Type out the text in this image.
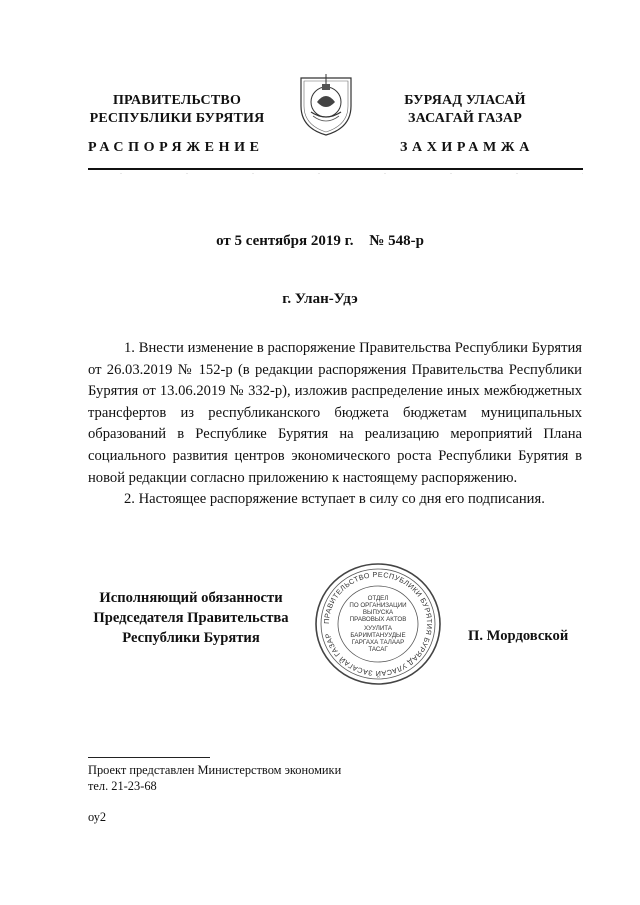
ПРАВИТЕЛЬСТВО
РЕСПУБЛИКИ БУРЯТИЯ
БУРЯАД УЛАСАЙ
ЗАСАГАЙ ГАЗАР
РАСПОРЯЖЕНИЕ	ЗАХИРАМЖА
от 5 сентября 2019 г. № 548-р
г. Улан-Удэ

1. Внести изменение в распоряжение Правительства Республики Бурятия от 26.03.2019 № 152-р (в редакции распоряжения Правительства Республики Бурятия от 13.06.2019 № 332-р), изложив распределение иных межбюджетных трансфертов из республиканского бюджета бюджетам муниципальных образований в Республике Бурятия на реализацию мероприятий Плана социального развития центров экономического роста Республики Бурятия в новой редакции согласно приложению к настоящему распоряжению.

2. Настоящее распоряжение вступает в силу со дня его подписания.

Исполняющий обязанности
Председателя Правительства
Республики Бурятия
ПРАВИТЕЛЬСТВО РЕСПУБЛИКИ БУРЯТИЯ БУРЯАД УЛАСАЙ ЗАСАГАЙ ГАЗАР
ОТДЕЛ
ПО ОРГАНИЗАЦИИ
ВЫПУСКА
ПРАВОВЫХ АКТОВ
ХУУЛИТА
БАРИМТАНУУДЫЕ
ГАРГАХА ТАЛААР
ТАСАГ
П. Мордовской
Проект представлен Министерством экономики
тел. 21-23-68
оу2
